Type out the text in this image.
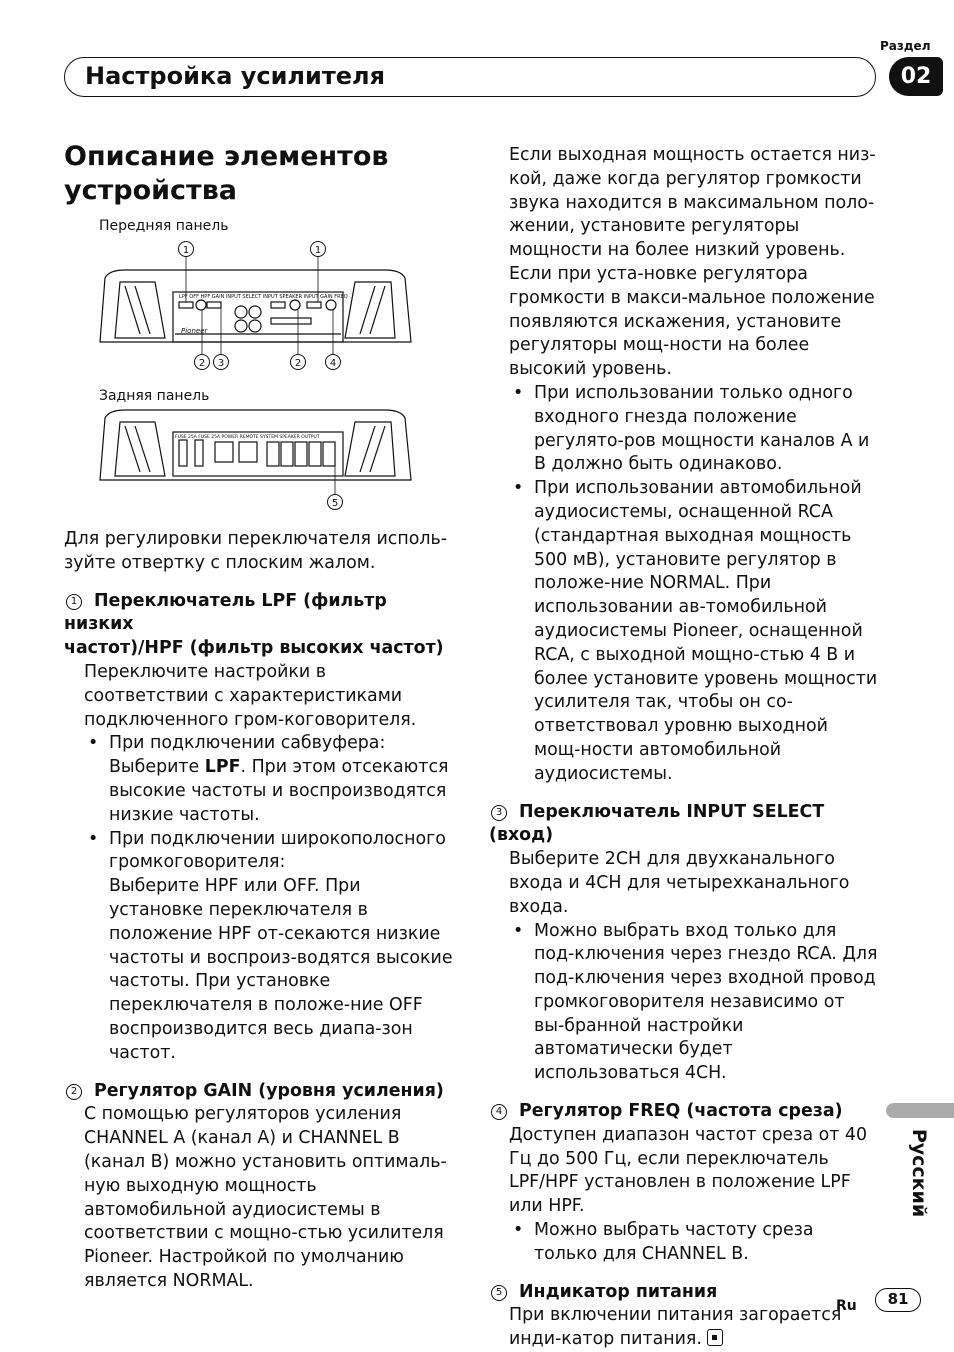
Раздел
02
Настройка усилителя
Описание элементов устройства
Передняя панель
Задняя панель
LPF OFF HPF GAIN INPUT SELECT INPUT SPEAKER INPUT GAIN FREQ
Pioneer
1	1
2 3	2	4
FUSE 25A FUSE 25A POWER REMOTE SYSTEM SPEAKER OUTPUT
5

Для регулировки переключателя исполь-зуйте отвертку с плоским жалом.

1 Переключатель LPF (фильтр низких
частот)/HPF (фильтр высоких частот)

Переключите настройки в соответствии с характеристиками подключенного гром-коговорителя.

• При подключении сабвуфера:
Выберите LPF. При этом отсекаются высокие частоты и воспроизводятся низкие частоты.
• При подключении широкополосного громкоговорителя:
Выберите HPF или OFF. При установке переключателя в положение HPF от-секаются низкие частоты и воспроиз-водятся высокие частоты. При установке переключателя в положе-ние OFF воспроизводится весь диапа-зон частот.

2 Регулятор GAIN (уровня усиления)

С помощью регуляторов усиления CHANNEL A (канал A) и CHANNEL B (канал B) можно установить оптималь-ную выходную мощность автомобильной аудиосистемы в соответствии с мощно-стью усилителя Pioneer. Настройкой по умолчанию является NORMAL.

Если выходная мощность остается низ-кой, даже когда регулятор громкости звука находится в максимальном поло-жении, установите регуляторы мощности на более низкий уровень. Если при уста-новке регулятора громкости в макси-мальное положение появляются искажения, установите регуляторы мощ-ности на более высокий уровень.

• При использовании только одного входного гнезда положение регулято-ров мощности каналов A и B должно быть одинаково.
• При использовании автомобильной аудиосистемы, оснащенной RCA (стандартная выходная мощность 500 мВ), установите регулятор в положе-ние NORMAL. При использовании ав-томобильной аудиосистемы Pioneer, оснащенной RCA, с выходной мощно-стью 4 В и более установите уровень мощности усилителя так, чтобы он со-ответствовал уровню выходной мощ-ности автомобильной аудиосистемы.

3 Переключатель INPUT SELECT (вход)

Выберите 2CH для двухканального входа и 4CH для четырехканального входа.

• Можно выбрать вход только для под-ключения через гнездо RCA. Для под-ключения через входной провод громкоговорителя независимо от вы-бранной настройки автоматически будет использоваться 4CH.

4 Регулятор FREQ (частота среза)

Доступен диапазон частот среза от 40 Гц до 500 Гц, если переключатель LPF/HPF установлен в положение LPF или HPF.

• Можно выбрать частоту среза только для CHANNEL B.

5 Индикатор питания

При включении питания загорается инди-катор питания.

Русский
Ru	81
